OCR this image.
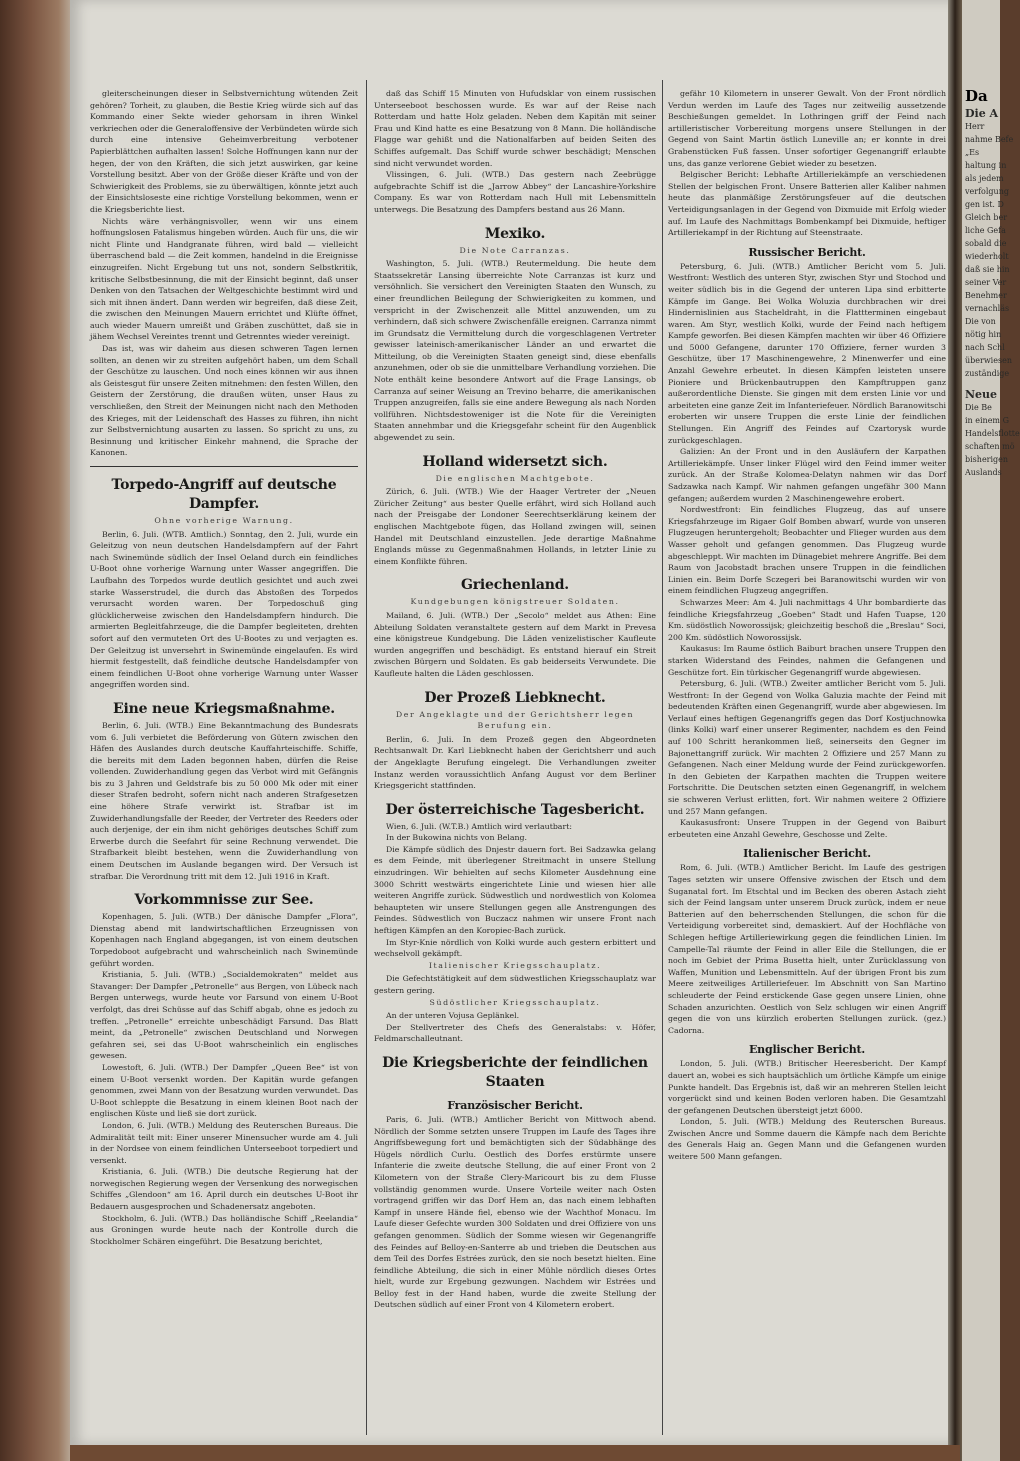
gleiterscheinungen dieser in Selbstvernichtung wütenden Zeit gehören? Torheit, zu glauben, die Bestie Krieg würde sich auf das Kommando einer Sekte wieder gehorsam in ihren Winkel verkriechen oder die Generaloffensive der Verbündeten würde sich durch eine intensive Geheimverbreitung verbotener Papierblättchen aufhalten lassen! Solche Hoffnungen kann nur der hegen, der von den Kräften, die sich jetzt auswirken, gar keine Vorstellung besitzt. Aber von der Größe dieser Kräfte und von der Schwierigkeit des Problems, sie zu überwältigen, könnte jetzt auch der Einsichtsloseste eine richtige Vorstellung bekommen, wenn er die Kriegsberichte liest.
Nichts wäre verhängnisvoller, wenn wir uns einem hoffnungslosen Fatalismus hingeben würden. Auch für uns, die wir nicht Flinte und Handgranate führen, wird bald — vielleicht überraschend bald — die Zeit kommen, handelnd in die Ereignisse einzugreifen. Nicht Ergebung tut uns not, sondern Selbstkritik, kritische Selbstbesinnung, die mit der Einsicht beginnt, daß unser Denken von den Tatsachen der Weltgeschichte bestimmt wird und sich mit ihnen ändert. Dann werden wir begreifen, daß diese Zeit, die zwischen den Meinungen Mauern errichtet und Klüfte öffnet, auch wieder Mauern umreißt und Gräben zuschüttet, daß sie in jähem Wechsel Vereintes trennt und Getrenntes wieder vereinigt.
Das ist, was wir daheim aus diesen schweren Tagen lernen sollten, an denen wir zu streiten aufgehört haben, um dem Schall der Geschütze zu lauschen. Und noch eines können wir aus ihnen als Geistesgut für unsere Zeiten mitnehmen: den festen Willen, den Geistern der Zerstörung, die draußen wüten, unser Haus zu verschließen, den Streit der Meinungen nicht nach den Methoden des Krieges, mit der Leidenschaft des Hasses zu führen, ihn nicht zur Selbstvernichtung ausarten zu lassen. So spricht zu uns, zu Besinnung und kritischer Einkehr mahnend, die Sprache der Kanonen.
Torpedo-Angriff auf deutsche Dampfer.
Ohne vorherige Warnung.
Berlin, 6. Juli. (WTB. Amtlich.) Sonntag, den 2. Juli, wurde ein Geleitzug von neun deutschen Handelsdampfern auf der Fahrt nach Swinemünde südlich der Insel Oeland durch ein feindliches U-Boot ohne vorherige Warnung unter Wasser angegriffen. Die Laufbahn des Torpedos wurde deutlich gesichtet und auch zwei starke Wasserstrudel, die durch das Abstoßen des Torpedos verursacht worden waren. Der Torpedoschuß ging glücklicherweise zwischen den Handelsdampfern hindurch. Die armierten Begleitfahrzeuge, die die Dampfer begleiteten, drehten sofort auf den vermuteten Ort des U-Bootes zu und verjagten es. Der Geleitzug ist unversehrt in Swinemünde eingelaufen. Es wird hiermit festgestellt, daß feindliche deutsche Handelsdampfer von einem feindlichen U-Boot ohne vorherige Warnung unter Wasser angegriffen worden sind.
Eine neue Kriegsmaßnahme.
Berlin, 6. Juli. (WTB.) Eine Bekanntmachung des Bundesrats vom 6. Juli verbietet die Beförderung von Gütern zwischen den Häfen des Auslandes durch deutsche Kauffahrteischiffe. Schiffe, die bereits mit dem Laden begonnen haben, dürfen die Reise vollenden. Zuwiderhandlung gegen das Verbot wird mit Gefängnis bis zu 3 Jahren und Geldstrafe bis zu 50 000 Mk oder mit einer dieser Strafen bedroht, sofern nicht nach anderen Strafgesetzen eine höhere Strafe verwirkt ist. Strafbar ist im Zuwiderhandlungsfalle der Reeder, der Vertreter des Reeders oder auch derjenige, der ein ihm nicht gehöriges deutsches Schiff zum Erwerbe durch die Seefahrt für seine Rechnung verwendet. Die Strafbarkeit bleibt bestehen, wenn die Zuwiderhandlung von einem Deutschen im Auslande begangen wird. Der Versuch ist strafbar. Die Verordnung tritt mit dem 12. Juli 1916 in Kraft.
Vorkommnisse zur See.
Kopenhagen, 5. Juli. (WTB.) Der dänische Dampfer „Flora“, Dienstag abend mit landwirtschaftlichen Erzeugnissen von Kopenhagen nach England abgegangen, ist von einem deutschen Torpedoboot aufgebracht und wahrscheinlich nach Swinemünde geführt worden.
Kristiania, 5. Juli. (WTB.) „Socialdemokraten“ meldet aus Stavanger: Der Dampfer „Petronelle“ aus Bergen, von Lübeck nach Bergen unterwegs, wurde heute vor Farsund von einem U-Boot verfolgt, das drei Schüsse auf das Schiff abgab, ohne es jedoch zu treffen. „Petronelle“ erreichte unbeschädigt Farsund. Das Blatt meint, da „Petronelle“ zwischen Deutschland und Norwegen gefahren sei, sei das U-Boot wahrscheinlich ein englisches gewesen.
Lowestoft, 6. Juli. (WTB.) Der Dampfer „Queen Bee“ ist von einem U-Boot versenkt worden. Der Kapitän wurde gefangen genommen, zwei Mann von der Besatzung wurden verwundet. Das U-Boot schleppte die Besatzung in einem kleinen Boot nach der englischen Küste und ließ sie dort zurück.
London, 6. Juli. (WTB.) Meldung des Reuterschen Bureaus. Die Admiralität teilt mit: Einer unserer Minensucher wurde am 4. Juli in der Nordsee von einem feindlichen Unterseeboot torpediert und versenkt.
Kristiania, 6. Juli. (WTB.) Die deutsche Regierung hat der norwegischen Regierung wegen der Versenkung des norwegischen Schiffes „Glendoon“ am 16. April durch ein deutsches U-Boot ihr Bedauern ausgesprochen und Schadenersatz angeboten.
Stockholm, 6. Juli. (WTB.) Das holländische Schiff „Reelandia“ aus Groningen wurde heute nach der Kontrolle durch die Stockholmer Schären eingeführt. Die Besatzung berichtet,
daß das Schiff 15 Minuten von Hufudsklar von einem russischen Unterseeboot beschossen wurde. Es war auf der Reise nach Rotterdam und hatte Holz geladen. Neben dem Kapitän mit seiner Frau und Kind hatte es eine Besatzung von 8 Mann. Die holländische Flagge war gehißt und die Nationalfarben auf beiden Seiten des Schiffes aufgemalt. Das Schiff wurde schwer beschädigt; Menschen sind nicht verwundet worden.
Vlissingen, 6. Juli. (WTB.) Das gestern nach Zeebrügge aufgebrachte Schiff ist die „Jarrow Abbey“ der Lancashire-Yorkshire Company. Es war von Rotterdam nach Hull mit Lebensmitteln unterwegs. Die Besatzung des Dampfers bestand aus 26 Mann.
Mexiko.
Die Note Carranzas.
Washington, 5. Juli. (WTB.) Reutermeldung. Die heute dem Staatssekretär Lansing überreichte Note Carranzas ist kurz und versöhnlich. Sie versichert den Vereinigten Staaten den Wunsch, zu einer freundlichen Beilegung der Schwierigkeiten zu kommen, und verspricht in der Zwischenzeit alle Mittel anzuwenden, um zu verhindern, daß sich schwere Zwischenfälle ereignen. Carranza nimmt im Grundsatz die Vermittelung durch die vorgeschlagenen Vertreter gewisser lateinisch-amerikanischer Länder an und erwartet die Mitteilung, ob die Vereinigten Staaten geneigt sind, diese ebenfalls anzunehmen, oder ob sie die unmittelbare Verhandlung vorziehen. Die Note enthält keine besondere Antwort auf die Frage Lansings, ob Carranza auf seiner Weisung an Trevino beharre, die amerikanischen Truppen anzugreifen, falls sie eine andere Bewegung als nach Norden vollführen. Nichtsdestoweniger ist die Note für die Vereinigten Staaten annehmbar und die Kriegsgefahr scheint für den Augenblick abgewendet zu sein.
Holland widersetzt sich.
Die englischen Machtgebote.
Zürich, 6. Juli. (WTB.) Wie der Haager Vertreter der „Neuen Züricher Zeitung“ aus bester Quelle erfährt, wird sich Holland auch nach der Preisgabe der Londoner Seerechtserklärung keinem der englischen Machtgebote fügen, das Holland zwingen will, seinen Handel mit Deutschland einzustellen. Jede derartige Maßnahme Englands müsse zu Gegenmaßnahmen Hollands, in letzter Linie zu einem Konflikte führen.
Griechenland.
Kundgebungen königstreuer Soldaten.
Mailand, 6. Juli. (WTB.) Der „Secolo“ meldet aus Athen: Eine Abteilung Soldaten veranstaltete gestern auf dem Markt in Prevesa eine königstreue Kundgebung. Die Läden venizelistischer Kaufleute wurden angegriffen und beschädigt. Es entstand hierauf ein Streit zwischen Bürgern und Soldaten. Es gab beiderseits Verwundete. Die Kaufleute halten die Läden geschlossen.
Der Prozeß Liebknecht.
Der Angeklagte und der Gerichtsherr legen Berufung ein.
Berlin, 6. Juli. In dem Prozeß gegen den Abgeordneten Rechtsanwalt Dr. Karl Liebknecht haben der Gerichtsherr und auch der Angeklagte Berufung eingelegt. Die Verhandlungen zweiter Instanz werden voraussichtlich Anfang August vor dem Berliner Kriegsgericht stattfinden.
Der österreichische Tagesbericht.
Wien, 6. Juli. (W.T.B.) Amtlich wird verlautbart:
In der Bukowina nichts von Belang.
Die Kämpfe südlich des Dnjestr dauern fort. Bei Sadzawka gelang es dem Feinde, mit überlegener Streitmacht in unsere Stellung einzudringen. Wir behielten auf sechs Kilometer Ausdehnung eine 3000 Schritt westwärts eingerichtete Linie und wiesen hier alle weiteren Angriffe zurück. Südwestlich und nordwestlich von Kolomea behaupteten wir unsere Stellungen gegen alle Anstrengungen des Feindes. Südwestlich von Buczacz nahmen wir unsere Front nach heftigen Kämpfen an den Koropiec-Bach zurück.
Im Styr-Knie nördlich von Kolki wurde auch gestern erbittert und wechselvoll gekämpft.
Italienischer Kriegsschauplatz.
Die Gefechtstätigkeit auf dem südwestlichen Kriegsschauplatz war gestern gering.
Südöstlicher Kriegsschauplatz.
An der unteren Vojusa Geplänkel.
Der Stellvertreter des Chefs des Generalstabs: v. Höfer, Feldmarschalleutnant.
Die Kriegsberichte der feindlichen Staaten
Französischer Bericht.
Paris, 6. Juli. (WTB.) Amtlicher Bericht von Mittwoch abend. Nördlich der Somme setzten unsere Truppen im Laufe des Tages ihre Angriffsbewegung fort und bemächtigten sich der Südabhänge des Hügels nördlich Curlu. Oestlich des Dorfes erstürmte unsere Infanterie die zweite deutsche Stellung, die auf einer Front von 2 Kilometern von der Straße Clery-Maricourt bis zu dem Flusse vollständig genommen wurde. Unsere Vorteile weiter nach Osten vortragend griffen wir das Dorf Hem an, das nach einem lebhaften Kampf in unsere Hände fiel, ebenso wie der Wachthof Monacu. Im Laufe dieser Gefechte wurden 300 Soldaten und drei Offiziere von uns gefangen genommen. Südlich der Somme wiesen wir Gegenangriffe des Feindes auf Belloy-en-Santerre ab und trieben die Deutschen aus dem Teil des Dorfes Estrées zurück, den sie noch besetzt hielten. Eine feindliche Abteilung, die sich in einer Mühle nördlich dieses Ortes hielt, wurde zur Ergebung gezwungen. Nachdem wir Estrées und Belloy fest in der Hand haben, wurde die zweite Stellung der Deutschen südlich auf einer Front von 4 Kilometern erobert.
gefähr 10 Kilometern in unserer Gewalt. Von der Front nördlich Verdun werden im Laufe des Tages nur zeitweilig aussetzende Beschießungen gemeldet. In Lothringen griff der Feind nach artilleristischer Vorbereitung morgens unsere Stellungen in der Gegend von Saint Martin östlich Luneville an; er konnte in drei Grabenstücken Fuß fassen. Unser sofortiger Gegenangriff erlaubte uns, das ganze verlorene Gebiet wieder zu besetzen.
Belgischer Bericht: Lebhafte Artilleriekämpfe an verschiedenen Stellen der belgischen Front. Unsere Batterien aller Kaliber nahmen heute das planmäßige Zerstörungsfeuer auf die deutschen Verteidigungsanlagen in der Gegend von Dixmuide mit Erfolg wieder auf. Im Laufe des Nachmittags Bombenkampf bei Dixmuide, heftiger Artilleriekampf in der Richtung auf Steenstraate.
Russischer Bericht.
Petersburg, 6. Juli. (WTB.) Amtlicher Bericht vom 5. Juli. Westfront: Westlich des unteren Styr, zwischen Styr und Stochod und weiter südlich bis in die Gegend der unteren Lipa sind erbitterte Kämpfe im Gange. Bei Wolka Woluzia durchbrachen wir drei Hindernislinien aus Stacheldraht, in die Flattterminen eingebaut waren. Am Styr, westlich Kolki, wurde der Feind nach heftigem Kampfe geworfen. Bei diesen Kämpfen machten wir über 46 Offiziere und 5000 Gefangene, darunter 170 Offiziere, ferner wurden 3 Geschütze, über 17 Maschinengewehre, 2 Minenwerfer und eine Anzahl Gewehre erbeutet. In diesen Kämpfen leisteten unsere Pioniere und Brückenbautruppen den Kampftruppen ganz außerordentliche Dienste. Sie gingen mit dem ersten Linie vor und arbeiteten eine ganze Zeit im Infanteriefeuer. Nördlich Baranowitschi eroberten wir unsere Truppen die erste Linie der feindlichen Stellungen. Ein Angriff des Feindes auf Czartorysk wurde zurückgeschlagen.
Galizien: An der Front und in den Ausläufern der Karpathen Artilleriekämpfe. Unser linker Flügel wird den Feind immer weiter zurück. An der Straße Kolomea-Delatyn nahmen wir das Dorf Sadzawka nach Kampf. Wir nahmen gefangen ungefähr 300 Mann gefangen; außerdem wurden 2 Maschinengewehre erobert.
Nordwestfront: Ein feindliches Flugzeug, das auf unsere Kriegsfahrzeuge im Rigaer Golf Bomben abwarf, wurde von unseren Flugzeugen heruntergeholt; Beobachter und Flieger wurden aus dem Wasser geholt und gefangen genommen. Das Flugzeug wurde abgeschleppt. Wir machten im Dünagebiet mehrere Angriffe. Bei dem Raum von Jacobstadt brachen unsere Truppen in die feindlichen Linien ein. Beim Dorfe Sczegeri bei Baranowitschi wurden wir von einem feindlichen Flugzeug angegriffen.
Schwarzes Meer: Am 4. Juli nachmittags 4 Uhr bombardierte das feindliche Kriegsfahrzeug „Goeben“ Stadt und Hafen Tuapse, 120 Km. südöstlich Noworossijsk; gleichzeitig beschoß die „Breslau“ Soci, 200 Km. südöstlich Noworossijsk.
Kaukasus: Im Raume östlich Baiburt brachen unsere Truppen den starken Widerstand des Feindes, nahmen die Gefangenen und Geschütze fort. Ein türkischer Gegenangriff wurde abgewiesen.
Petersburg, 6. Juli. (WTB.) Zweiter amtlicher Bericht vom 5. Juli. Westfront: In der Gegend von Wolka Galuzia machte der Feind mit bedeutenden Kräften einen Gegenangriff, wurde aber abgewiesen. Im Verlauf eines heftigen Gegenangriffs gegen das Dorf Kostjuchnowka (links Kolki) warf einer unserer Regimenter, nachdem es den Feind auf 100 Schritt herankommen ließ, seinerseits den Gegner im Bajonettangriff zurück. Wir machten 2 Offiziere und 257 Mann zu Gefangenen. Nach einer Meldung wurde der Feind zurückgeworfen. In den Gebieten der Karpathen machten die Truppen weitere Fortschritte. Die Deutschen setzten einen Gegenangriff, in welchem sie schweren Verlust erlitten, fort. Wir nahmen weitere 2 Offiziere und 257 Mann gefangen.
Kaukasusfront: Unsere Truppen in der Gegend von Baiburt erbeuteten eine Anzahl Gewehre, Geschosse und Zelte.
Italienischer Bericht.
Rom, 6. Juli. (WTB.) Amtlicher Bericht. Im Laufe des gestrigen Tages setzten wir unsere Offensive zwischen der Etsch und dem Suganatal fort. Im Etschtal und im Becken des oberen Astach zieht sich der Feind langsam unter unserem Druck zurück, indem er neue Batterien auf den beherrschenden Stellungen, die schon für die Verteidigung vorbereitet sind, demaskiert. Auf der Hochfläche von Schlegen heftige Artilleriewirkung gegen die feindlichen Linien. Im Campelle-Tal räumte der Feind in aller Eile die Stellungen, die er noch im Gebiet der Prima Busetta hielt, unter Zurücklassung von Waffen, Munition und Lebensmitteln. Auf der übrigen Front bis zum Meere zeitweiliges Artilleriefeuer. Im Abschnitt von San Martino schleuderte der Feind erstickende Gase gegen unsere Linien, ohne Schaden anzurichten. Oestlich von Selz schlugen wir einen Angriff gegen die von uns kürzlich eroberten Stellungen zurück. (gez.) Cadorna.
Englischer Bericht.
London, 5. Juli. (WTB.) Britischer Heeresbericht. Der Kampf dauert an, wobei es sich hauptsächlich um örtliche Kämpfe um einige Punkte handelt. Das Ergebnis ist, daß wir an mehreren Stellen leicht vorgerückt sind und keinen Boden verloren haben. Die Gesamtzahl der gefangenen Deutschen übersteigt jetzt 6000.
London, 5. Juli. (WTB.) Meldung des Reuterschen Bureaus. Zwischen Ancre und Somme dauern die Kämpfe nach dem Berichte des Generals Haig an. Gegen Mann und die Gefangenen wurden weitere 500 Mann gefangen.
Da
Die A
Herr
nahme Befe
„Es
haltung in
als jedem
verfolgung
gen ist. D
Gleich ber
liche Gefa
sobald die
wiederholt
daß sie hin
seiner Ver
Benehmer
vernachläs
Die von
nötig hin
nach Schl
überwiesen
zuständige
Neue
Die Be
in einem G
Handelsflotte
schaften mö
bisherigen
Auslands
